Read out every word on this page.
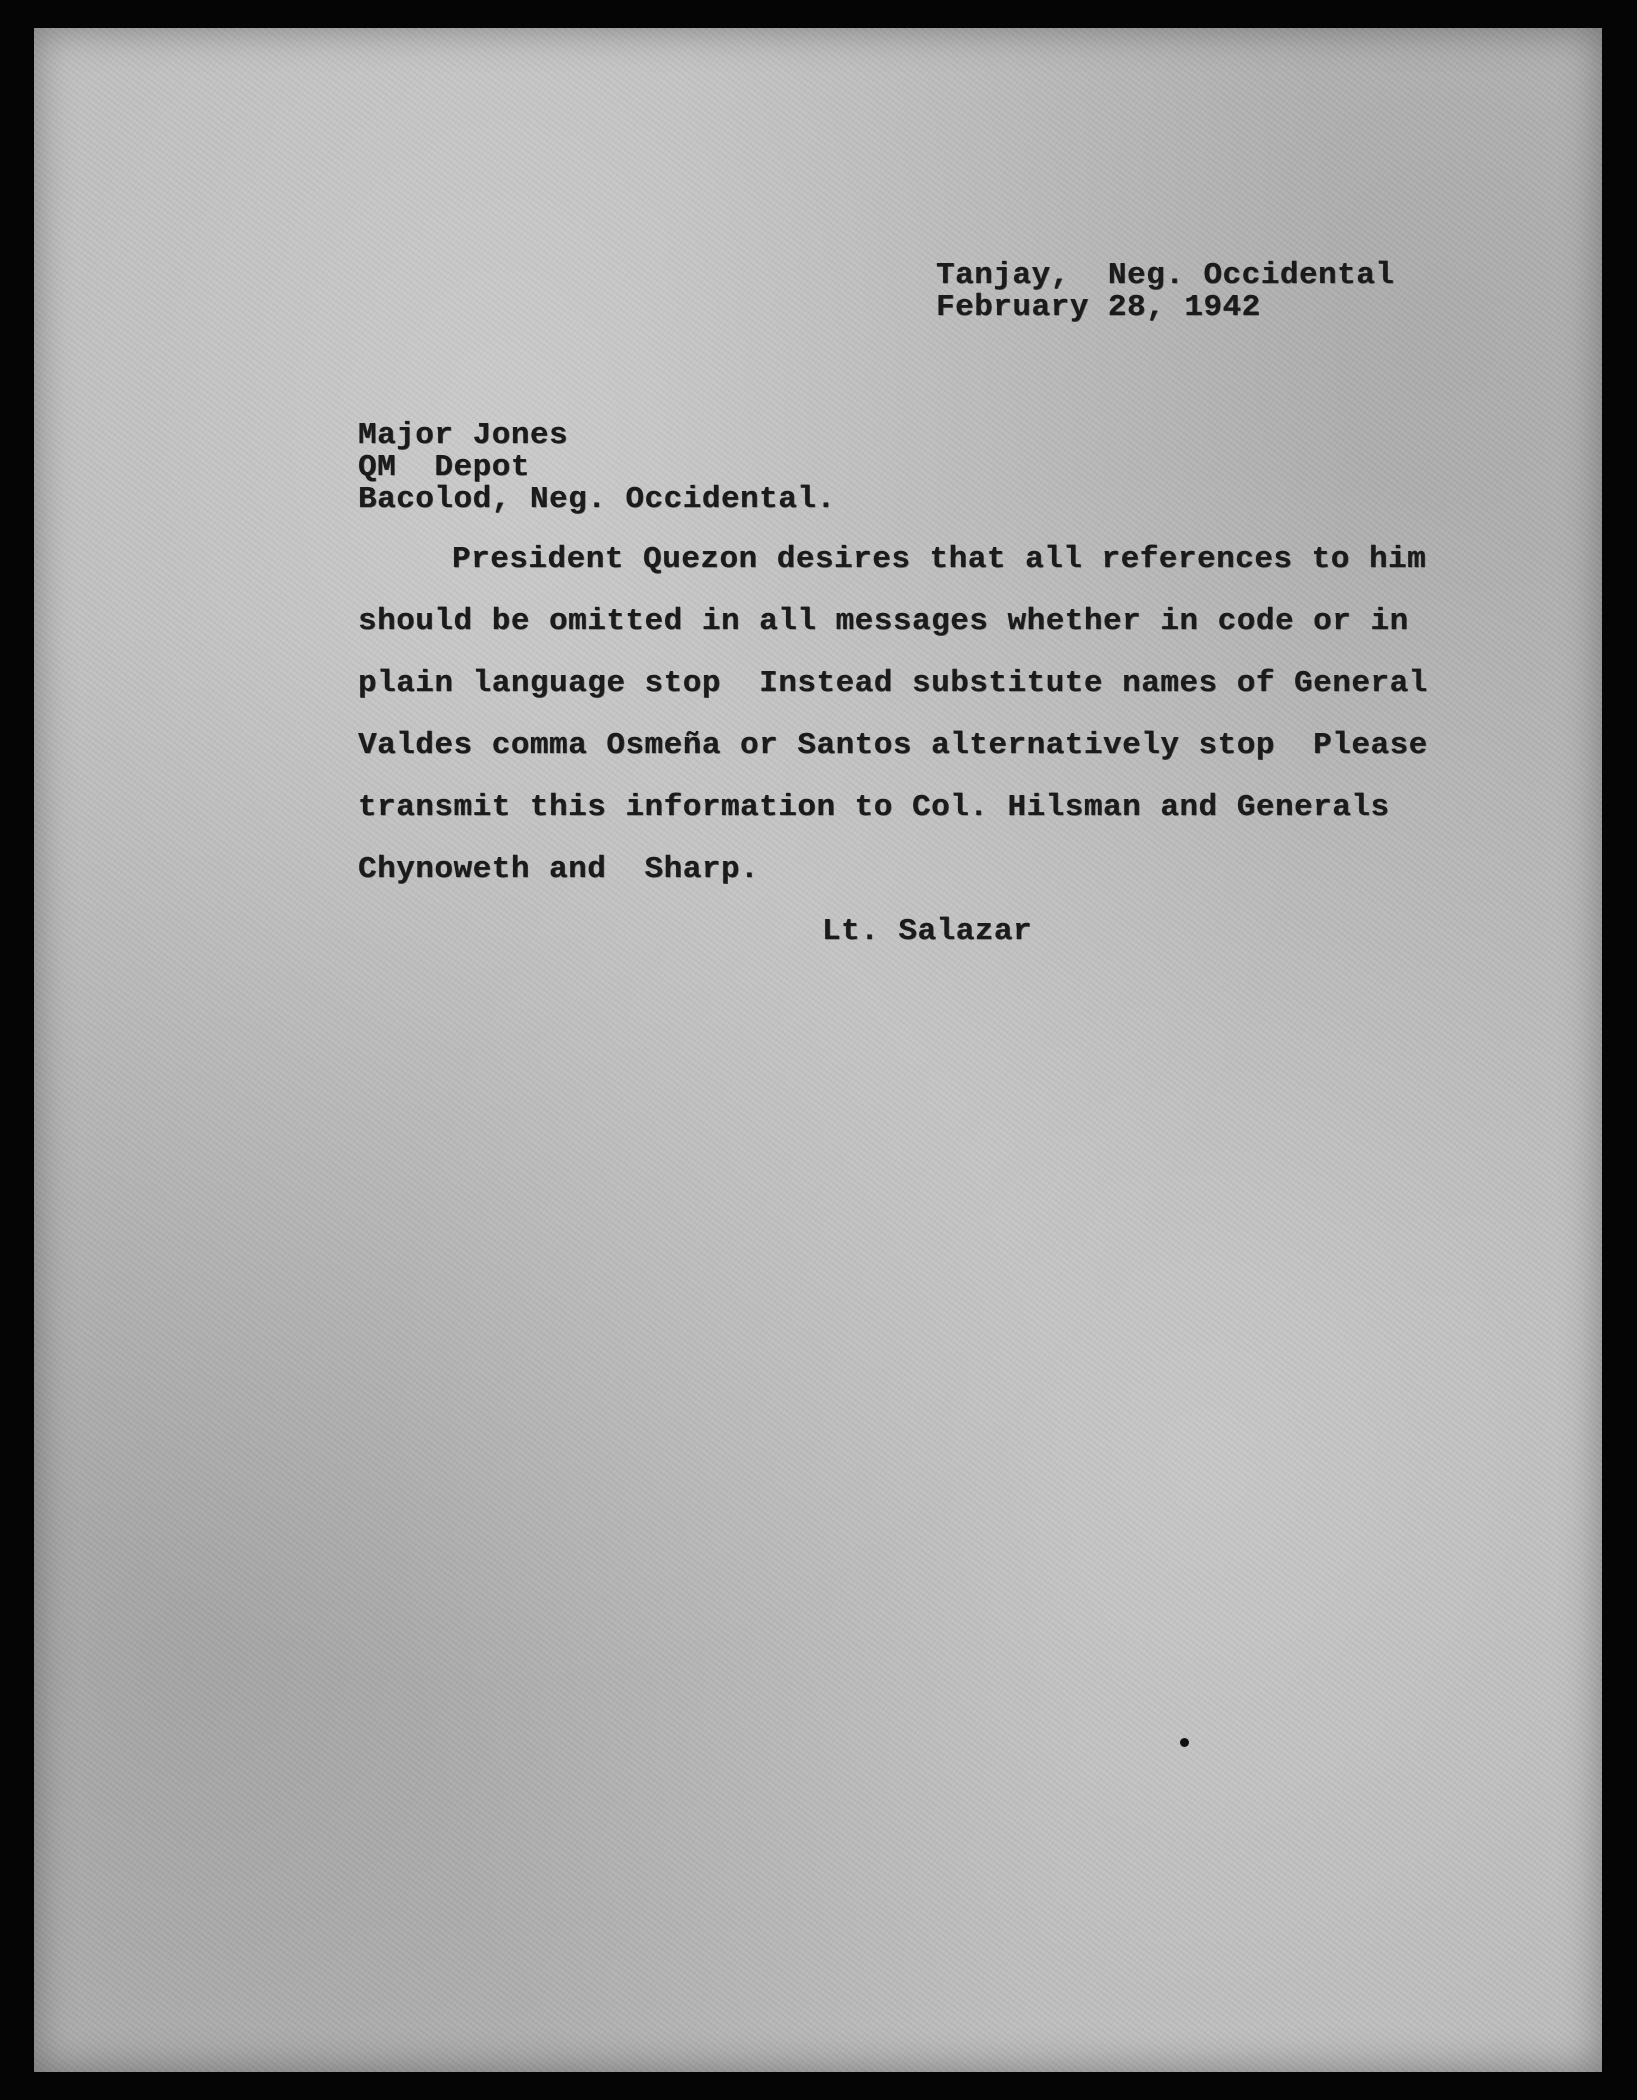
Tanjay,  Neg. Occidental
February 28, 1942
Major Jones
QM  Depot
Bacolod, Neg. Occidental.
President Quezon desires that all references to him
should be omitted in all messages whether in code or in
plain language stop  Instead substitute names of General
Valdes comma Osmeña or Santos alternatively stop  Please
transmit this information to Col. Hilsman and Generals
Chynoweth and  Sharp.
Lt. Salazar
